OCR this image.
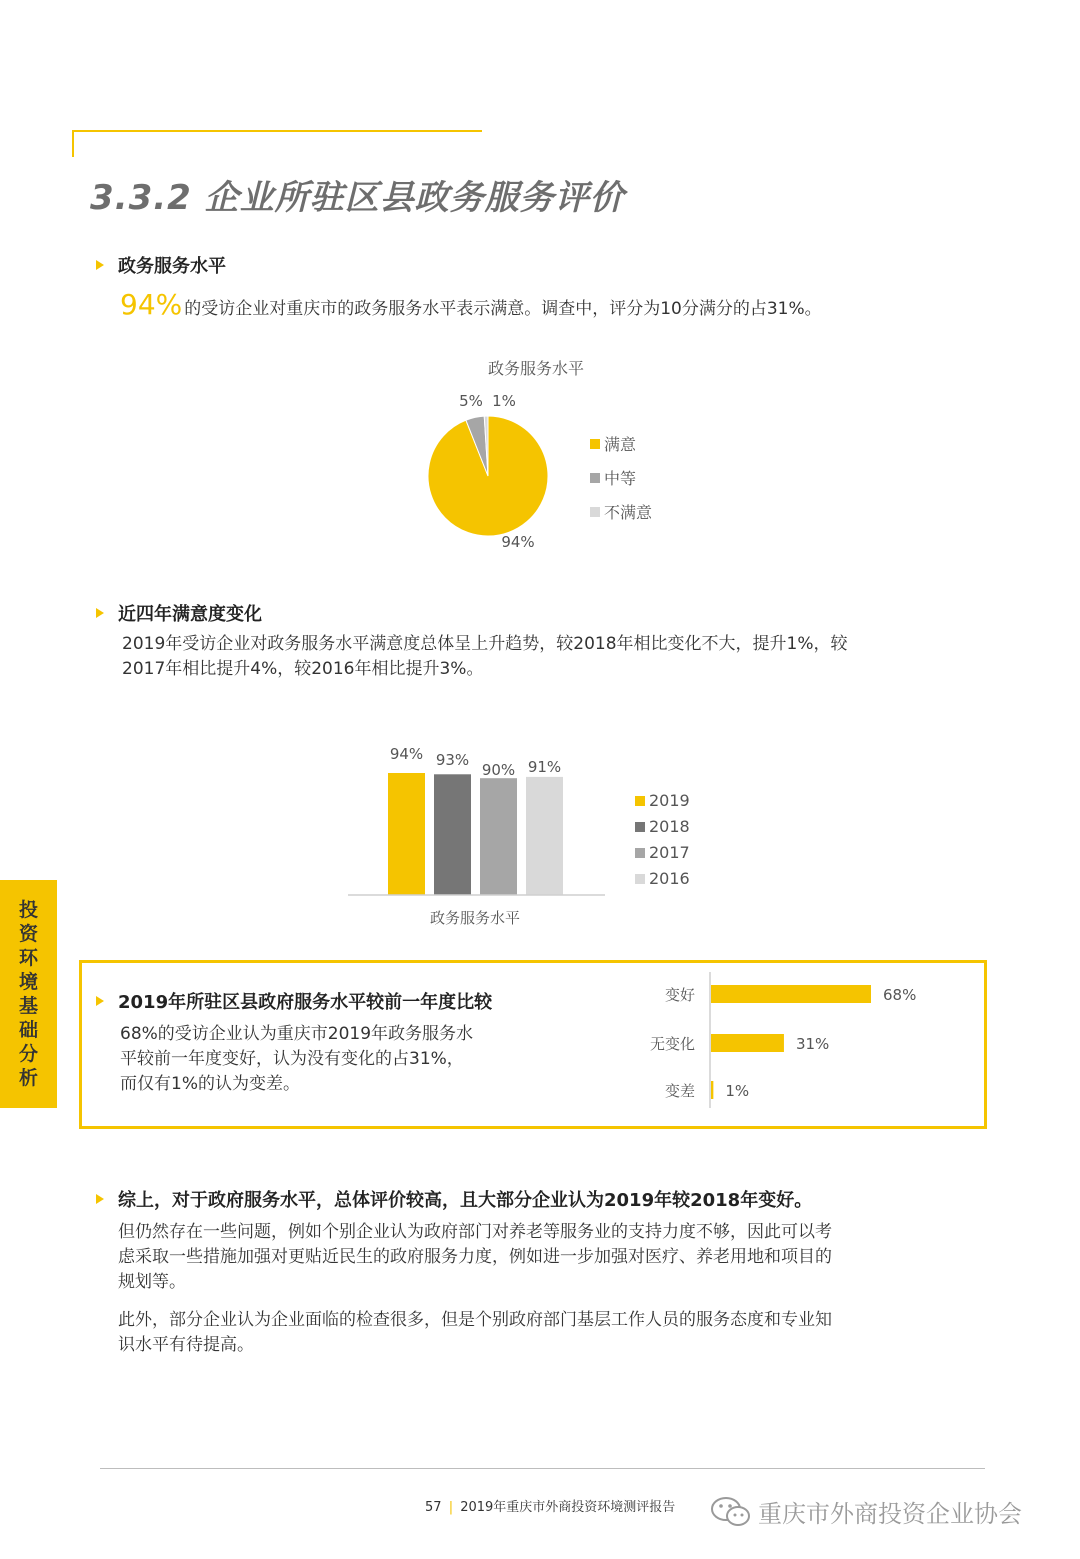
3.3.2 企业所驻区县政务服务评价
政务服务水平
94% 的受访企业对重庆市的政务服务水平表示满意。调查中，评分为10分满分的占31%。
政务服务水平
94%
5% 1%
满意
中等
不满意
近四年满意度变化
2019年受访企业对政务服务水平满意度总体呈上升趋势，较2018年相比变化不大，提升1%，较
2017年相比提升4%，较2016年相比提升3%。
94% 93%
90% 91%
政务服务水平
2019
2018
2017
2016
投
资
环
境
基
础
分
析
2019年所驻区县政府服务水平较前一年度比较
68%的受访企业认为重庆市2019年政务服务水
平较前一年度变好，认为没有变化的占31%，
而仅有1%的认为变差。
变好	68%
无变化	31%
变差 1%
综上，对于政府服务水平，总体评价较高，且大部分企业认为2019年较2018年变好。
但仍然存在一些问题，例如个别企业认为政府部门对养老等服务业的支持力度不够，因此可以考
虑采取一些措施加强对更贴近民生的政府服务力度，例如进一步加强对医疗、养老用地和项目的
规划等。
此外，部分企业认为企业面临的检查很多，但是个别政府部门基层工作人员的服务态度和专业知
识水平有待提高。
57 | 2019年重庆市外商投资环境测评报告	重庆市外商投资企业协会
